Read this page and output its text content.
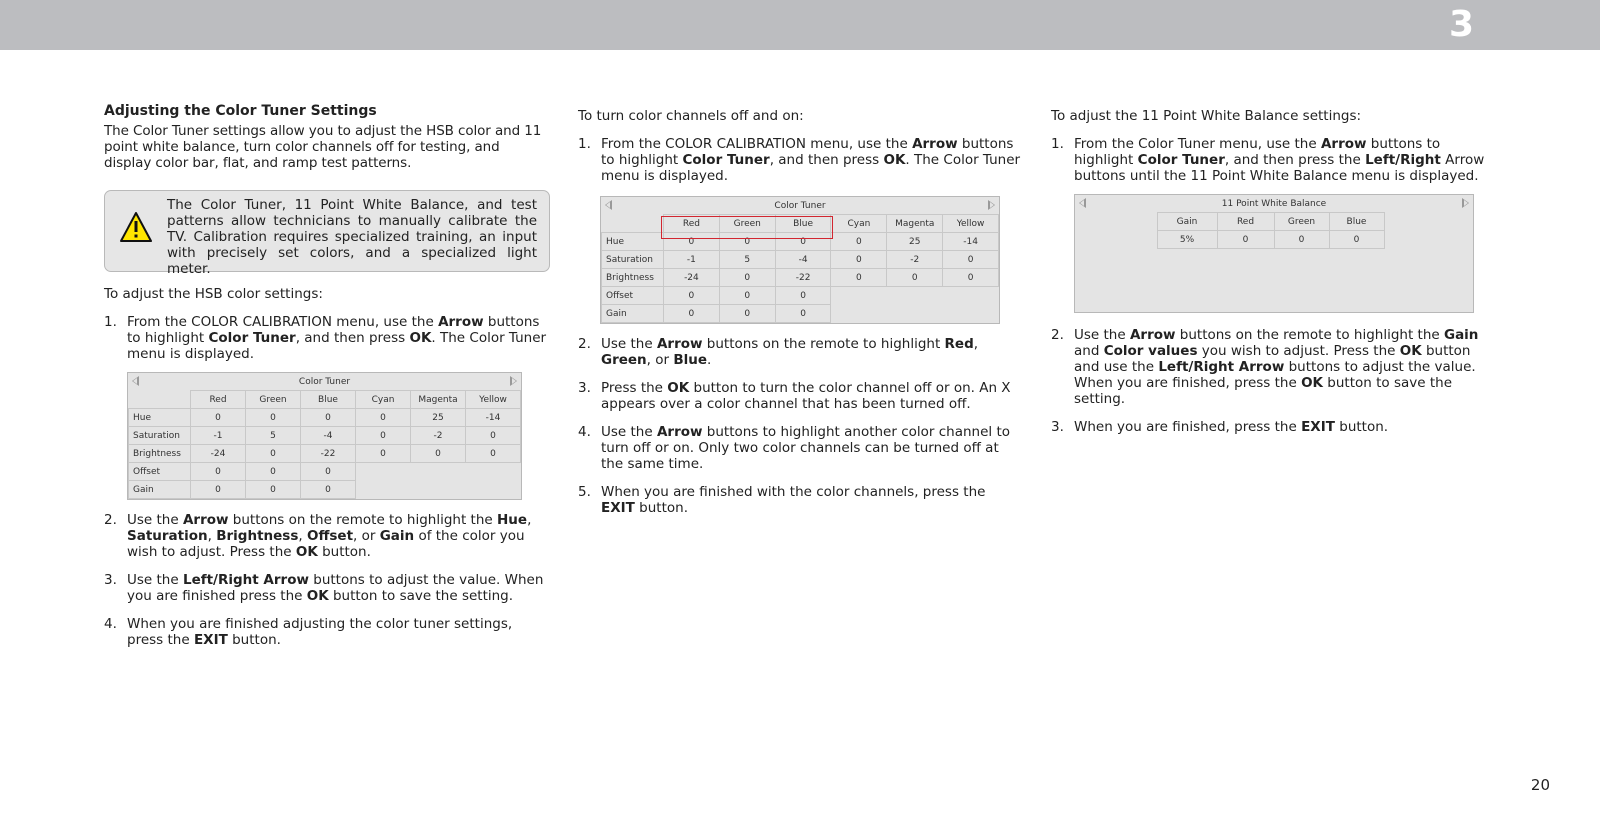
3
Adjusting the Color Tuner Settings

The Color Tuner settings allow you to adjust the HSB color and 11 point white balance, turn color channels off for testing, and display color bar, flat, and ramp test patterns.

The Color Tuner, 11 Point White Balance, and test patterns allow technicians to manually calibrate the TV. Calibration requires specialized training, an input with precisely set colors, and a specialized light meter.

To adjust the HSB color settings:

1. From the COLOR CALIBRATION menu, use the Arrow buttons to highlight Color Tuner, and then press OK. The Color Tuner menu is displayed.
Color Tuner
	Red	Green	Blue	Cyan	Magenta	Yellow
Hue	0	0	0	0	25	-14
Saturation	-1	5	-4	0	-2	0
Brightness	-24	0	-22	0	0	0
Offset	0	0	0			
Gain	0	0	0			
2. Use the Arrow buttons on the remote to highlight the Hue, Saturation, Brightness, Offset, or Gain of the color you wish to adjust. Press the OK button.
3. Use the Left/Right Arrow buttons to adjust the value. When you are finished press the OK button to save the setting.
4. When you are finished adjusting the color tuner settings, press the EXIT button.

To turn color channels off and on:

1. From the COLOR CALIBRATION menu, use the Arrow buttons to highlight Color Tuner, and then press OK. The Color Tuner menu is displayed.
Color Tuner
	Red	Green	Blue	Cyan	Magenta	Yellow
Hue	0	0	0	0	25	-14
Saturation	-1	5	-4	0	-2	0
Brightness	-24	0	-22	0	0	0
Offset	0	0	0			
Gain	0	0	0			
2. Use the Arrow buttons on the remote to highlight Red, Green, or Blue.
3. Press the OK button to turn the color channel off or on. An X appears over a color channel that has been turned off.
4. Use the Arrow buttons to highlight another color channel to turn off or on. Only two color channels can be turned off at the same time.
5. When you are finished with the color channels, press the EXIT button.

To adjust the 11 Point White Balance settings:

1. From the Color Tuner menu, use the Arrow buttons to highlight Color Tuner, and then press the Left/Right Arrow buttons until the 11 Point White Balance menu is displayed.
11 Point White Balance
	Gain	Red	Green	Blue	
	5%	0	0	0	
2. Use the Arrow buttons on the remote to highlight the Gain and Color values you wish to adjust. Press the OK button and use the Left/Right Arrow buttons to adjust the value. When you are finished, press the OK button to save the setting.
3. When you are finished, press the EXIT button.
20
